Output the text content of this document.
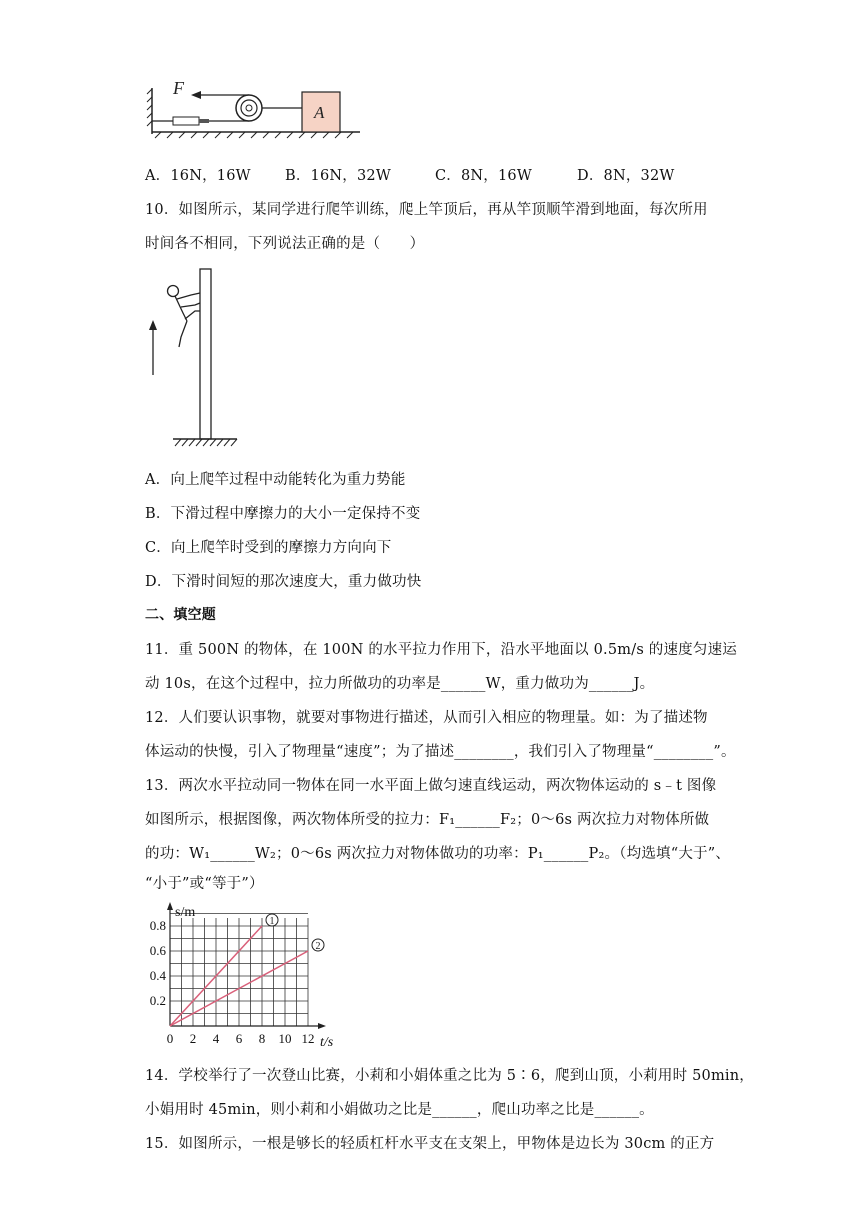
F
A
A．16N，16W B．16N，32W	C．8N，16W	D．8N，32W
10．如图所示，某同学进行爬竿训练，爬上竿顶后，再从竿顶顺竿滑到地面，每次所用
时间各不相同，下列说法正确的是（　　）
A．向上爬竿过程中动能转化为重力势能
B．下滑过程中摩擦力的大小一定保持不变
C．向上爬竿时受到的摩擦力方向向下
D．下滑时间短的那次速度大，重力做功快
二、填空题
11．重 500N 的物体，在 100N 的水平拉力作用下，沿水平地面以 0.5m/s 的速度匀速运
动 10s，在这个过程中，拉力所做功的功率是______W，重力做功为______J。
12．人们要认识事物，就要对事物进行描述，从而引入相应的物理量。如：为了描述物
体运动的快慢，引入了物理量“速度”；为了描述________，我们引入了物理量“________”。
13．两次水平拉动同一物体在同一水平面上做匀速直线运动，两次物体运动的 s﹣t 图像
如图所示，根据图像，两次物体所受的拉力：F₁______F₂；0～6s 两次拉力对物体所做
的功：W₁______W₂；0～6s 两次拉力对物体做功的功率：P₁______P₂。（均选填“大于”、
“小于”或“等于”）
1
2
0 2 4 6 8 10 12
0.2
0.4
0.6
0.8
t/s
s/m
14．学校举行了一次登山比赛，小莉和小娟体重之比为 5∶6，爬到山顶，小莉用时 50min，
小娟用时 45min，则小莉和小娟做功之比是______，爬山功率之比是______。
15．如图所示，一根是够长的轻质杠杆水平支在支架上，甲物体是边长为 30cm 的正方
